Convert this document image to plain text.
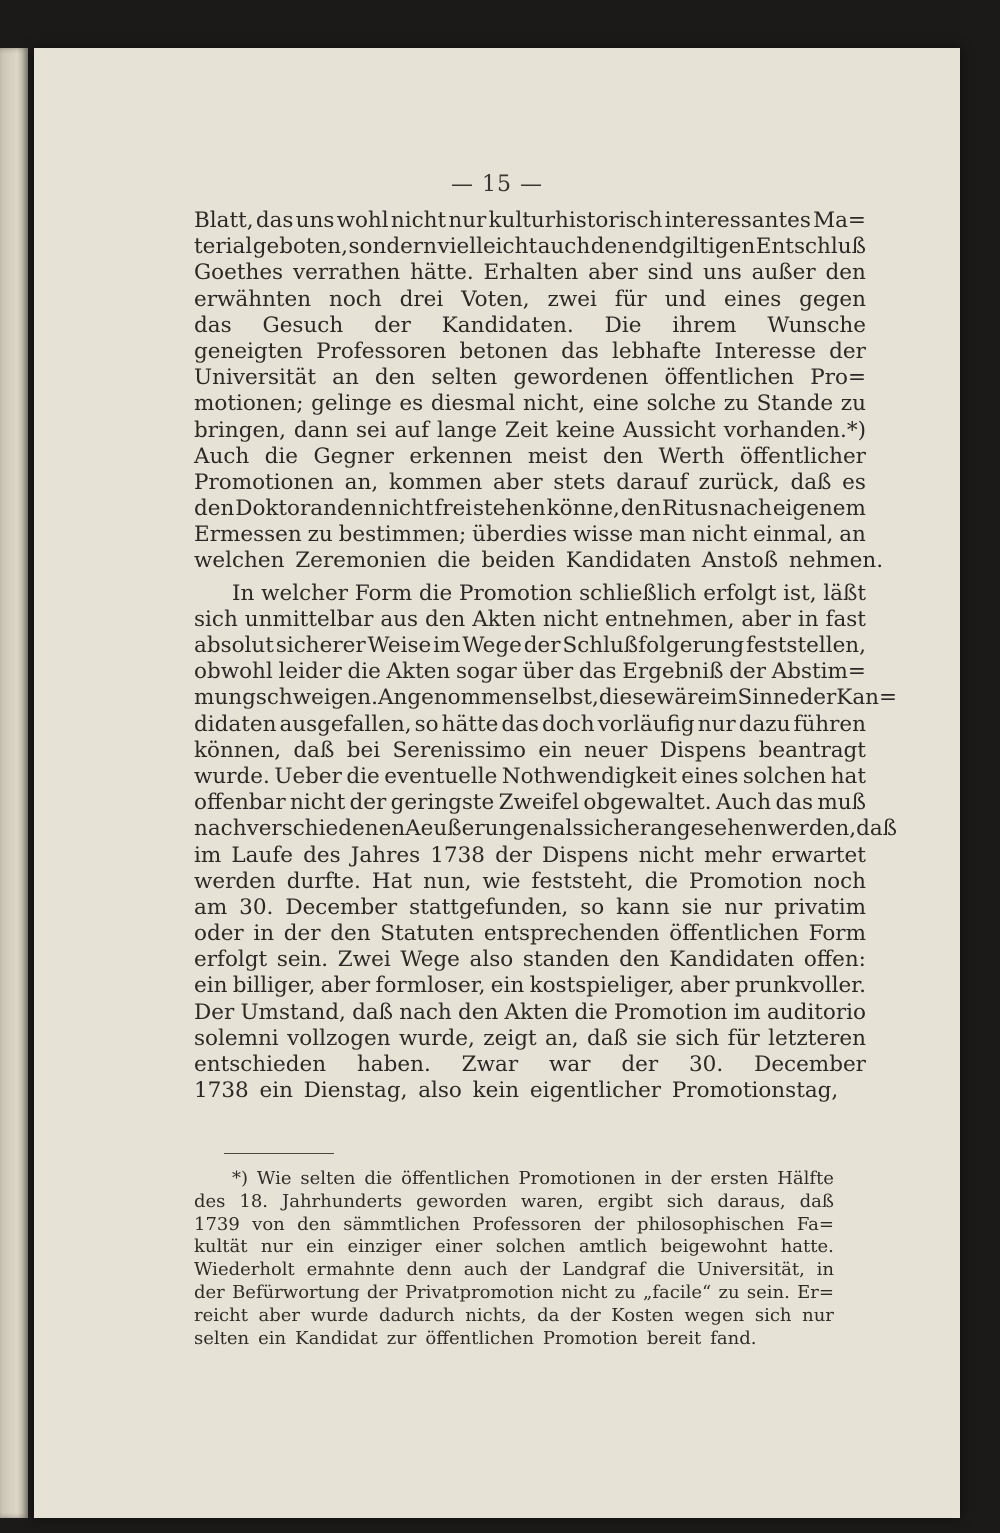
— 15 —
Blatt, das uns wohl nicht nur kulturhistorisch interessantes Ma=
terial geboten, sondern vielleicht auch den endgiltigen Entschluß
Goethes verrathen hätte. Erhalten aber sind uns außer den
erwähnten noch drei Voten, zwei für und eines gegen
das Gesuch der Kandidaten. Die ihrem Wunsche
geneigten Professoren betonen das lebhafte Interesse der
Universität an den selten gewordenen öffentlichen Pro=
motionen; gelinge es diesmal nicht, eine solche zu Stande zu
bringen, dann sei auf lange Zeit keine Aussicht vorhanden.*)
Auch die Gegner erkennen meist den Werth öffentlicher
Promotionen an, kommen aber stets darauf zurück, daß es
den Doktoranden nicht frei stehen könne, den Ritus nach eigenem
Ermessen zu bestimmen; überdies wisse man nicht einmal, an
welchen Zeremonien die beiden Kandidaten Anstoß nehmen.
In welcher Form die Promotion schließlich erfolgt ist, läßt
sich unmittelbar aus den Akten nicht entnehmen, aber in fast
absolut sicherer Weise im Wege der Schlußfolgerung feststellen,
obwohl leider die Akten sogar über das Ergebniß der Abstim=
mung schweigen. Angenommen selbst, diese wäre im Sinne der Kan=
didaten ausgefallen, so hätte das doch vorläufig nur dazu führen
können, daß bei Serenissimo ein neuer Dispens beantragt
wurde. Ueber die eventuelle Nothwendigkeit eines solchen hat
offenbar nicht der geringste Zweifel obgewaltet. Auch das muß
nach verschiedenen Aeußerungen als sicher angesehen werden, daß
im Laufe des Jahres 1738 der Dispens nicht mehr erwartet
werden durfte. Hat nun, wie feststeht, die Promotion noch
am 30. December stattgefunden, so kann sie nur privatim
oder in der den Statuten entsprechenden öffentlichen Form
erfolgt sein. Zwei Wege also standen den Kandidaten offen:
ein billiger, aber formloser, ein kostspieliger, aber prunkvoller.
Der Umstand, daß nach den Akten die Promotion im auditorio
solemni vollzogen wurde, zeigt an, daß sie sich für letzteren
entschieden haben. Zwar war der 30. December
1738 ein Dienstag, also kein eigentlicher Promotionstag,
*) Wie selten die öffentlichen Promotionen in der ersten Hälfte
des 18. Jahrhunderts geworden waren, ergibt sich daraus, daß
1739 von den sämmtlichen Professoren der philosophischen Fa=
kultät nur ein einziger einer solchen amtlich beigewohnt hatte.
Wiederholt ermahnte denn auch der Landgraf die Universität, in
der Befürwortung der Privatpromotion nicht zu „facile“ zu sein. Er=
reicht aber wurde dadurch nichts, da der Kosten wegen sich nur
selten ein Kandidat zur öffentlichen Promotion bereit fand.
